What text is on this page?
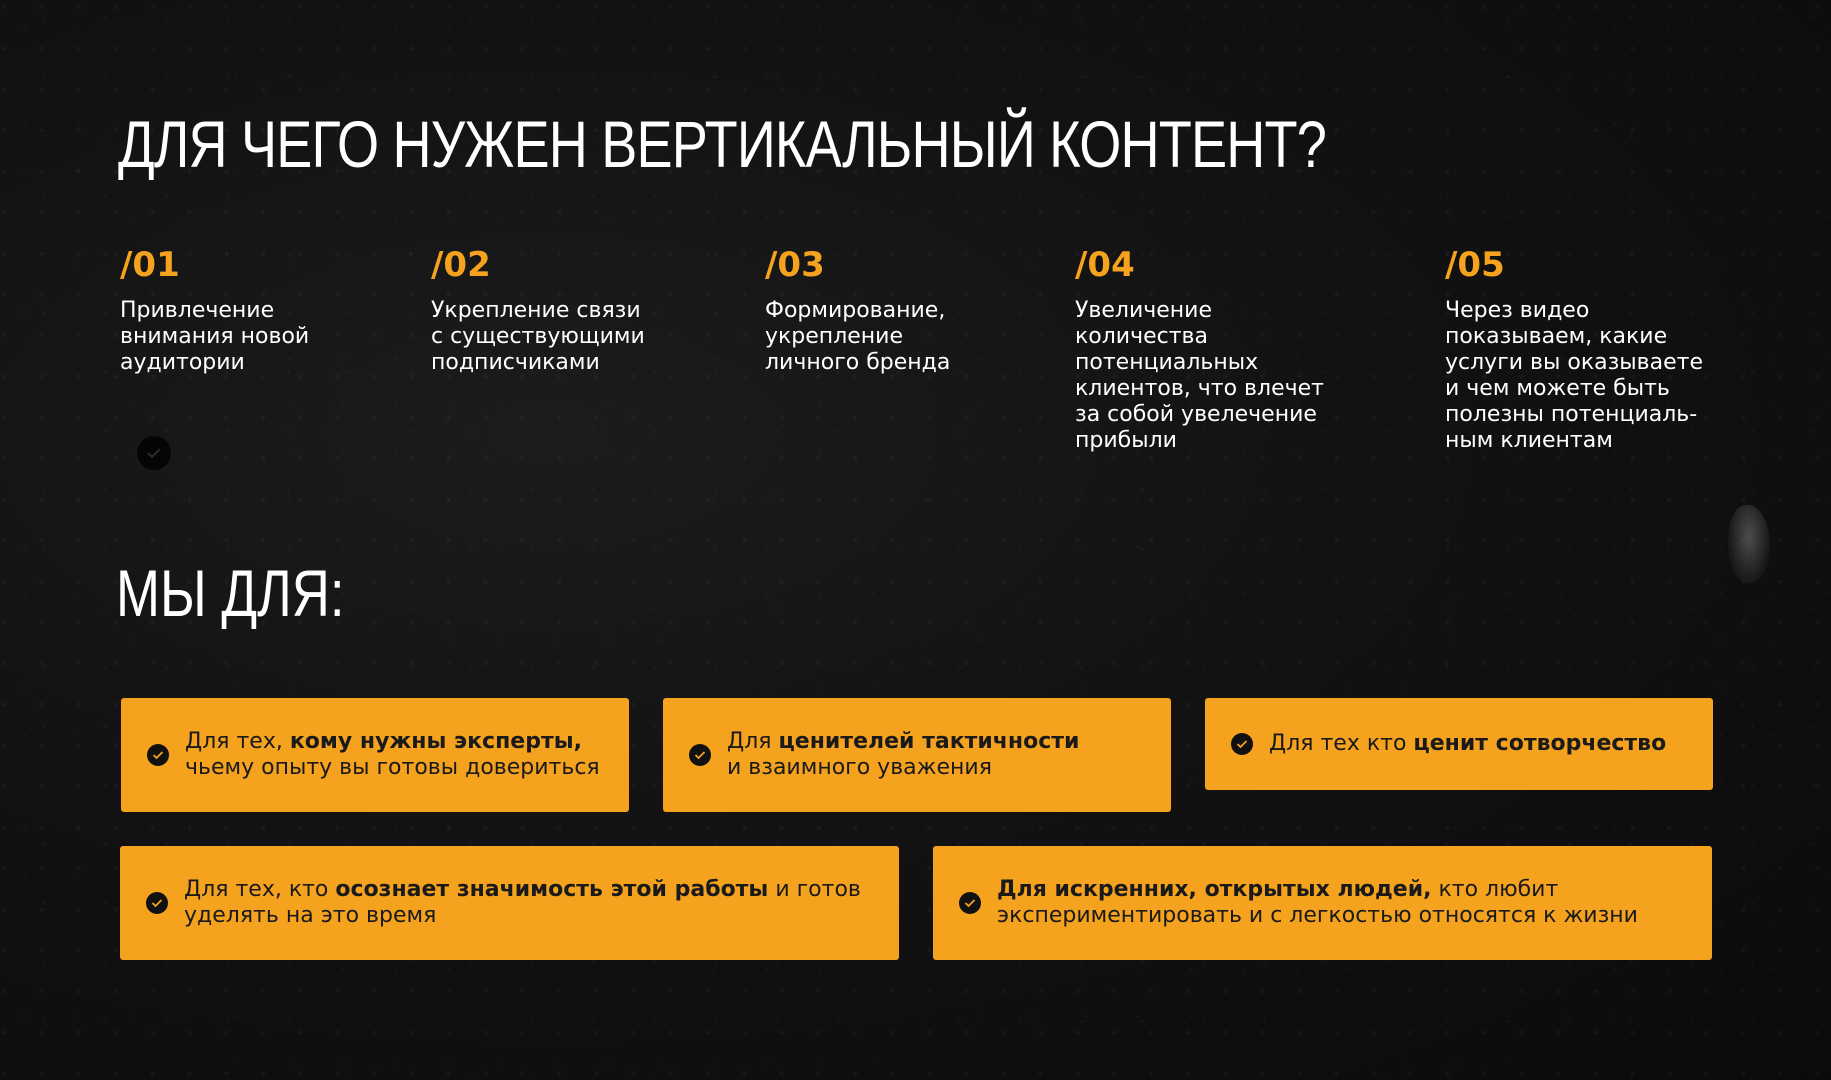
ДЛЯ ЧЕГО НУЖЕН ВЕРТИКАЛЬНЫЙ КОНТЕНТ?
/01
Привлечение
внимания новой
аудитории
/02
Укрепление связи
с существующими
подписчиками
/03
Формирование,
укрепление
личного бренда
/04
Увеличение
количества
потенциальных
клиентов, что влечет
за собой увелечение
прибыли
/05
Через видео
показываем, какие
услуги вы оказываете
и чем можете быть
полезны потенциаль-
ным клиентам
МЫ ДЛЯ:
Для тех, кому нужны эксперты,
чьему опыту вы готовы довериться
Для ценителей тактичности
и взаимного уважения
Для тех кто ценит сотворчество
Для тех, кто осознает значимость этой работы и готов
уделять на это время
Для искренних, открытых людей, кто любит
экспериментировать и с легкостью относятся к жизни
